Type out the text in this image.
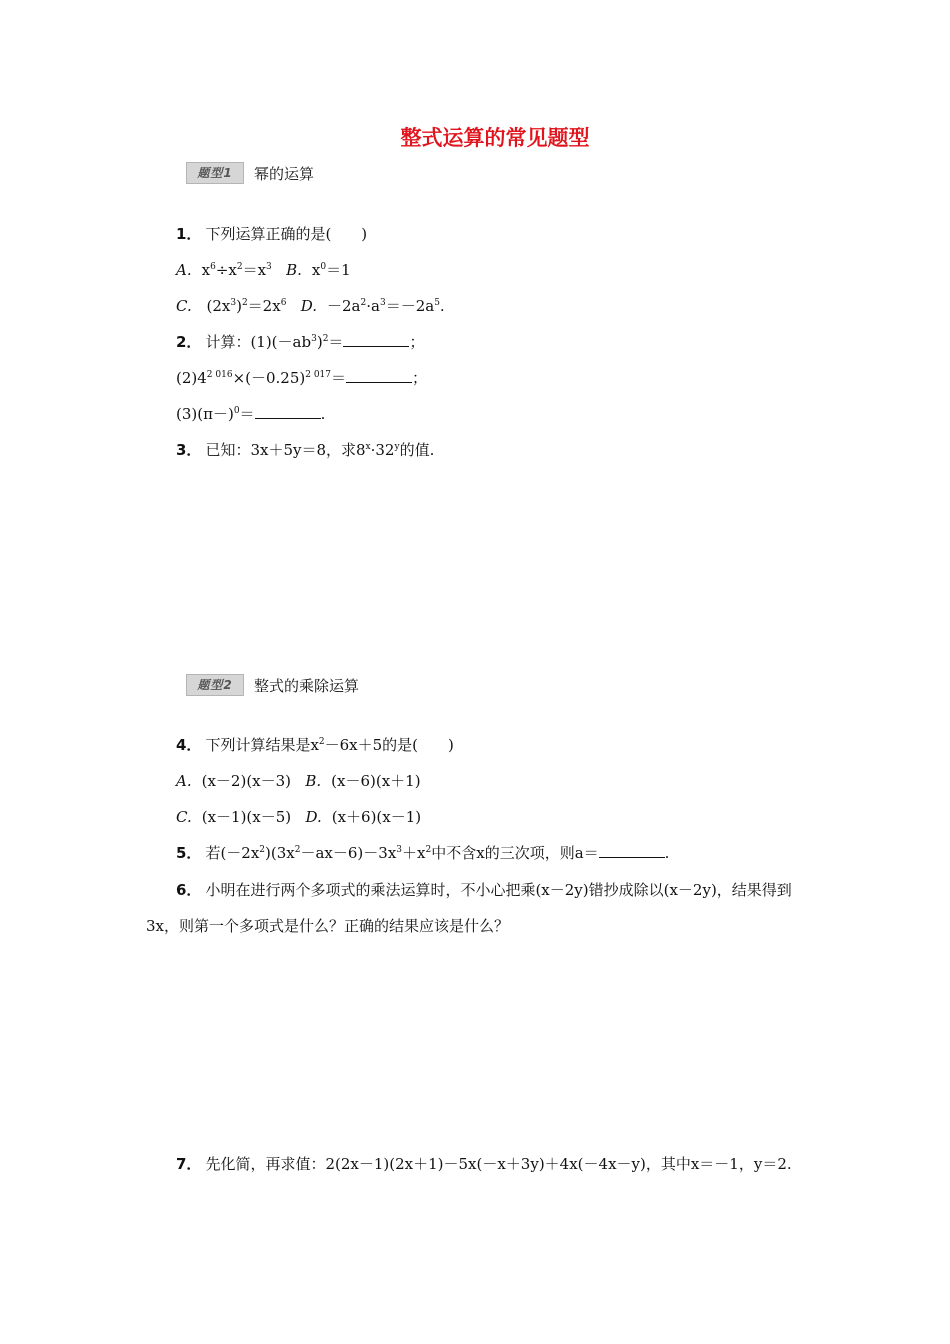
整式运算的常见题型
题型1	幂的运算
1． 下列运算正确的是(　　)
A. $x^6\div x^2=x^3$ B. $x^0=1$
C. $(2x^3)^2=2x^6$ D. $-2a^2\cdot a^3=-2a^5$.
2． 计算：$(1)(-ab^3)^2=$	；
$(2)4^{2 016}\times(-0.25)^{2 017}=$	；
$(3)(\pi-)^0=$	.
3． 已知：3x＋5y＝8，求$8^x\cdot 32^y$的值.
题型2	整式的乘除运算
4． 下列计算结果是$x^2-6x+5$的是(　　)
A. (x－2)(x－3) B. (x－6)(x＋1)
C. (x－1)(x－5) D. (x＋6)(x－1)
5． 若$(-2x^2)(3x^2-ax-6)-3x^3+x^2$中不含x的三次项，则a＝	.
6． 小明在进行两个多项式的乘法运算时，不小心把乘(x－2y)错抄成除以(x－2y)，结果得到3x，则第一个多项式是什么？正确的结果应该是什么？
7． 先化简，再求值：2(2x－1)(2x＋1)－5x(－x＋3y)＋4x(－4x－y)，其中x＝－1，y＝2.
